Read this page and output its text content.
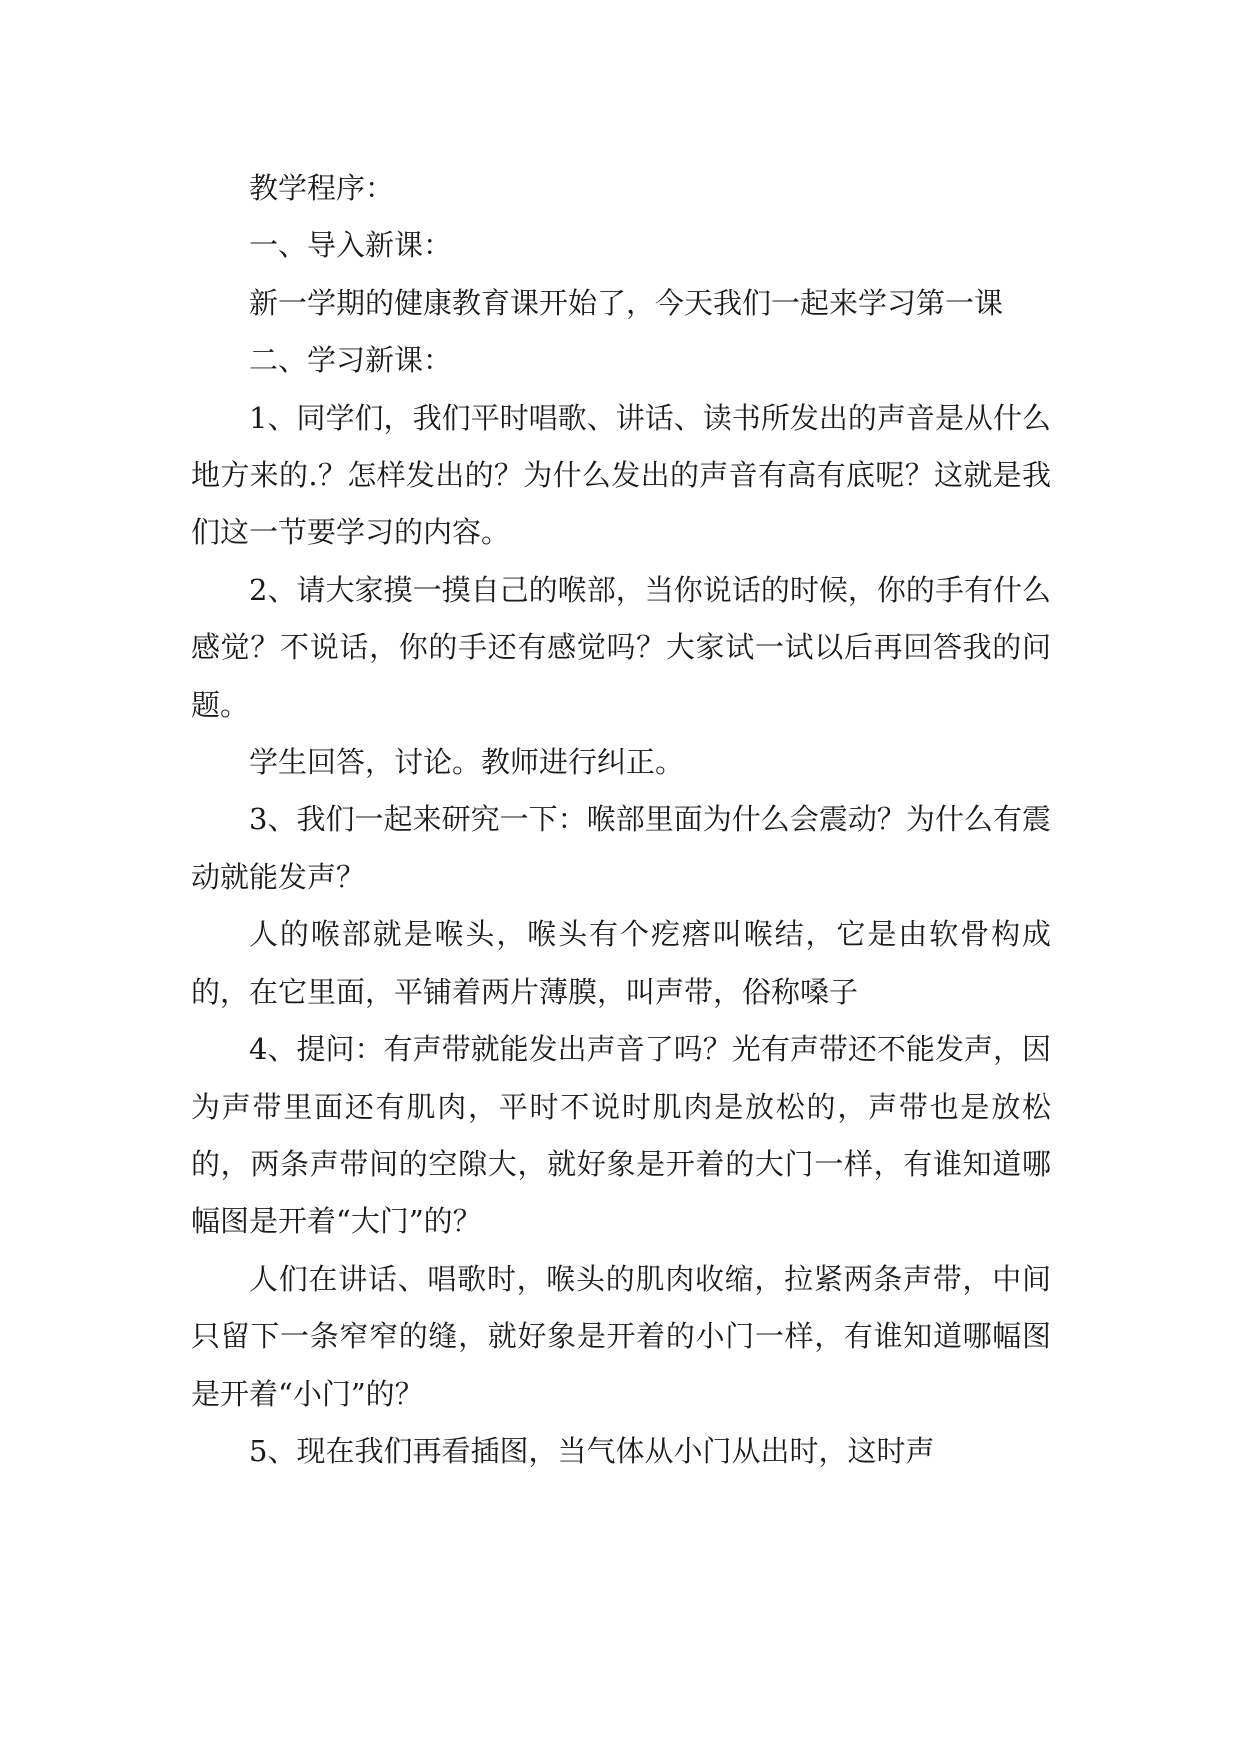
教学程序：

一、导入新课：

新一学期的健康教育课开始了，今天我们一起来学习第一课

二、学习新课：

1、同学们，我们平时唱歌、讲话、读书所发出的声音是从什么地方来的.？怎样发出的？为什么发出的声音有高有底呢？这就是我们这一节要学习的内容。

2、请大家摸一摸自己的喉部，当你说话的时候，你的手有什么感觉？不说话，你的手还有感觉吗？大家试一试以后再回答我的问题。

学生回答，讨论。教师进行纠正。

3、我们一起来研究一下：喉部里面为什么会震动？为什么有震动就能发声？

人的喉部就是喉头，喉头有个疙瘩叫喉结，它是由软骨构成的，在它里面，平铺着两片薄膜，叫声带，俗称嗓子

4、提问：有声带就能发出声音了吗？光有声带还不能发声，因为声带里面还有肌肉，平时不说时肌肉是放松的，声带也是放松的，两条声带间的空隙大，就好象是开着的大门一样，有谁知道哪幅图是开着“大门”的？

人们在讲话、唱歌时，喉头的肌肉收缩，拉紧两条声带，中间只留下一条窄窄的缝，就好象是开着的小门一样，有谁知道哪幅图是开着“小门”的？

5、现在我们再看插图，当气体从小门从出时，这时声
